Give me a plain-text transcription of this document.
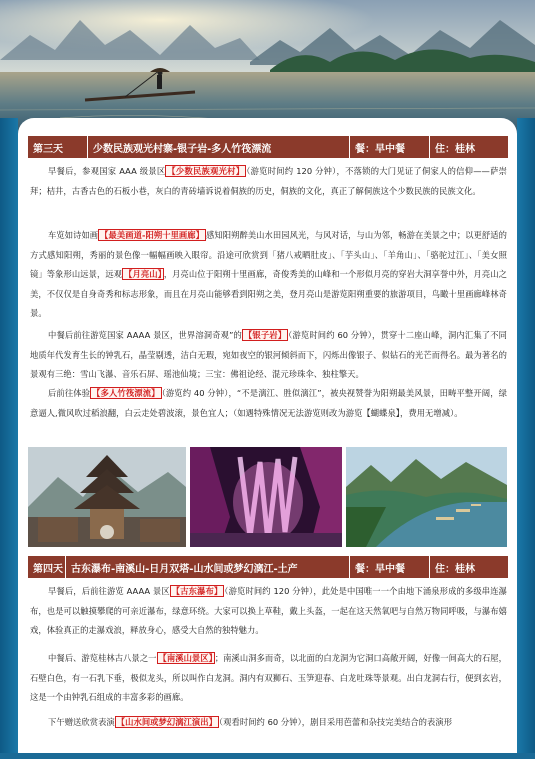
第三天	少数民族观光村寨-银子岩-多人竹筏漂流	餐：早中餐	住：桂林
早餐后，参观国家 AAA 级景区 【少数民族观光村】 （游览时间约 120 分钟），不落锁的大门见证了侗家人的信仰——萨崇拜；桔井，古香古色的石板小巷，灰白的青砖墙诉说着侗族的历史，侗族的文化，真正了解侗族这个少数民族的民族文化。
车览如诗如画 【最美画道-阳朔十里画廊】 感知阳朔醉美山水田园风光，与风对话，与山为邻，畅游在美景之中；以更舒适的方式感知阳朔，秀丽的景色像一幅幅画映入眼帘。沿途可欣赏到「猪八戒晒肚皮」、「芋头山」、「羊角山」、「骆驼过江」、「美女照镜」等象形山远景，远观 【月亮山】 ，月亮山位于阳朔十里画廊，奇俊秀美的山峰和一个形似月亮的穿岩大洞享誉中外，月亮山之美，不仅仅是自身奇秀和标志形象，而且在月亮山能够看到阳朔之美，登月亮山是游览阳朔重要的旅游项目，鸟瞰十里画廊峰林奇景。
中餐后前往游览国家 AAAA 景区，世界溶洞奇观”的 【银子岩】 （游览时间约 60 分钟），贯穿十二座山峰，洞内汇集了不同地质年代发育生长的钟乳石，晶莹剔透，洁白无瑕，宛如夜空的银河倾斜而下，闪烁出像银子、似钻石的光芒而得名。最为著名的景观有三绝：雪山飞瀑、音乐石屏、瑶池仙境；三宝：佛祖论经、混元珍珠伞、独柱擎天。
后前往体验 【多人竹筏漂流】 （游览约 40 分钟），“不是漓江、胜似漓江”，被央视赞誉为阳朔最美风景，田畴平整开阔，绿意逼人,微风吹过稻浪翻，白云走处碧波滚，景色宜人；（如遇特殊情况无法游览则改为游览【蝴蝶泉】，费用无增减）。
第四天 古东瀑布-南溪山-日月双塔-山水间或梦幻漓江-土产	餐：早中餐	住：桂林
早餐后，后前往游览 AAAA 景区 【古东瀑布】 （游览时间约 120 分钟），此处是中国唯一一个由地下涌泉形成的多级串连瀑布，也是可以触摸攀爬的可亲近瀑布，绿意环绕。大家可以换上草鞋，戴上头盔，一起在这天然氧吧与自然万物同呼吸，与瀑布嬉戏，体验真正的走瀑戏浪，释放身心，感受大自然的独特魅力。
中餐后、游览桂林古八景之一 【南溪山景区】 ；南溪山洞多而奇，以北面的白龙洞为它洞口高敞开阔，好像一间高大的石屋，石壁白色，有一石乳下垂，极似龙头，所以叫作白龙洞。洞内有双狮石、玉笋迎春、白龙吐珠等景观。出白龙洞右行，便到玄岩，这是一个由钟乳石组成的丰富多彩的画廊。
下午赠送欣赏表演 【山水间或梦幻漓江演出】 （观看时间约 60 分钟），剧目采用芭蕾和杂技完美结合的表演形
